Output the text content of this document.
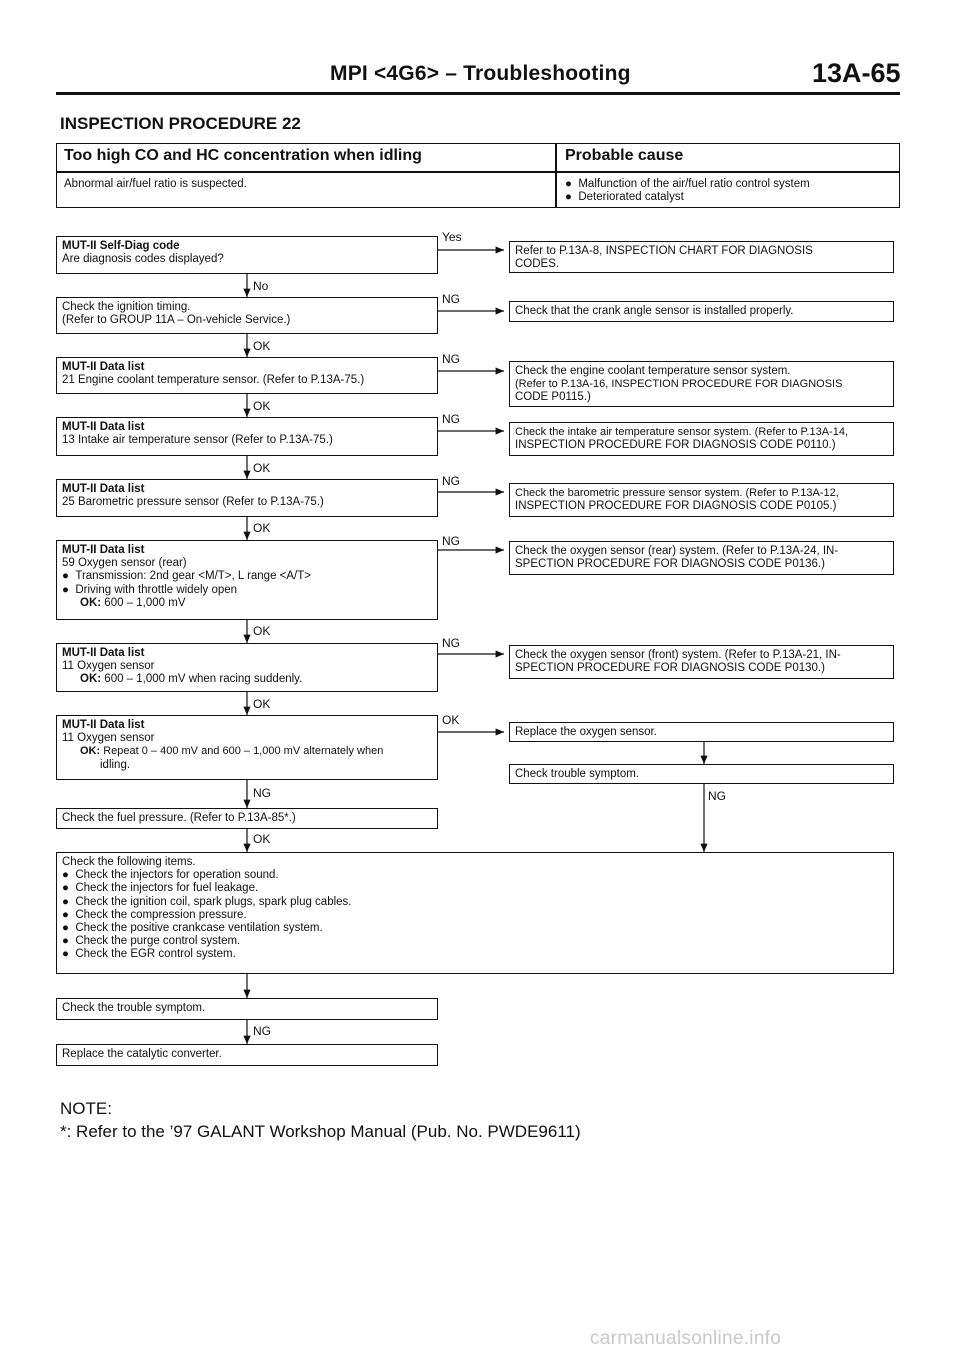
MPI <4G6> – Troubleshooting	13A-65
INSPECTION PROCEDURE 22
Too high CO and HC concentration when idling	Probable cause
Abnormal air/fuel ratio is suspected.	●  Malfunction of the air/fuel ratio control system
●  Deteriorated catalyst
MUT-II Self-Diag code
Are diagnosis codes displayed?
Check the ignition timing.
(Refer to GROUP 11A – On-vehicle Service.)
MUT-II Data list
21 Engine coolant temperature sensor. (Refer to P.13A-75.)
MUT-II Data list
13 Intake air temperature sensor (Refer to P.13A-75.)
MUT-II Data list
25 Barometric pressure sensor (Refer to P.13A-75.)
MUT-II Data list
59 Oxygen sensor (rear)
●  Transmission: 2nd gear <M/T>, L range <A/T>
●  Driving with throttle widely open
OK: 600 – 1,000 mV
MUT-II Data list
11 Oxygen sensor
OK: 600 – 1,000 mV when racing suddenly.
MUT-II Data list
11 Oxygen sensor
OK: Repeat 0 – 400 mV and 600 – 1,000 mV alternately when
idling.
Check the fuel pressure. (Refer to P.13A-85*.)
Check the following items.
●  Check the injectors for operation sound.
●  Check the injectors for fuel leakage.
●  Check the ignition coil, spark plugs, spark plug cables.
●  Check the compression pressure.
●  Check the positive crankcase ventilation system.
●  Check the purge control system.
●  Check the EGR control system.
Check the trouble symptom.
Replace the catalytic converter.
Refer to P.13A-8, INSPECTION CHART FOR DIAGNOSIS
CODES.
Check that the crank angle sensor is installed properly.
Check the engine coolant temperature sensor system.
(Refer to P.13A-16, INSPECTION PROCEDURE FOR DIAGNOSIS
CODE P0115.)
Check the intake air temperature sensor system. (Refer to P.13A-14,
INSPECTION PROCEDURE FOR DIAGNOSIS CODE P0110.)
Check the barometric pressure sensor system. (Refer to P.13A-12,
INSPECTION PROCEDURE FOR DIAGNOSIS CODE P0105.)
Check the oxygen sensor (rear) system. (Refer to P.13A-24, IN-
SPECTION PROCEDURE FOR DIAGNOSIS CODE P0136.)
Check the oxygen sensor (front) system. (Refer to P.13A-21, IN-
SPECTION PROCEDURE FOR DIAGNOSIS CODE P0130.)
Replace the oxygen sensor.
Check trouble symptom.
Yes
No
NG
OK
NG
OK
NG
OK
NG
OK
NG
OK
NG
OK
OK
NG	NG
OK
NG
NOTE:
*: Refer to the ’97 GALANT Workshop Manual (Pub. No. PWDE9611)
carmanualsonline.info
